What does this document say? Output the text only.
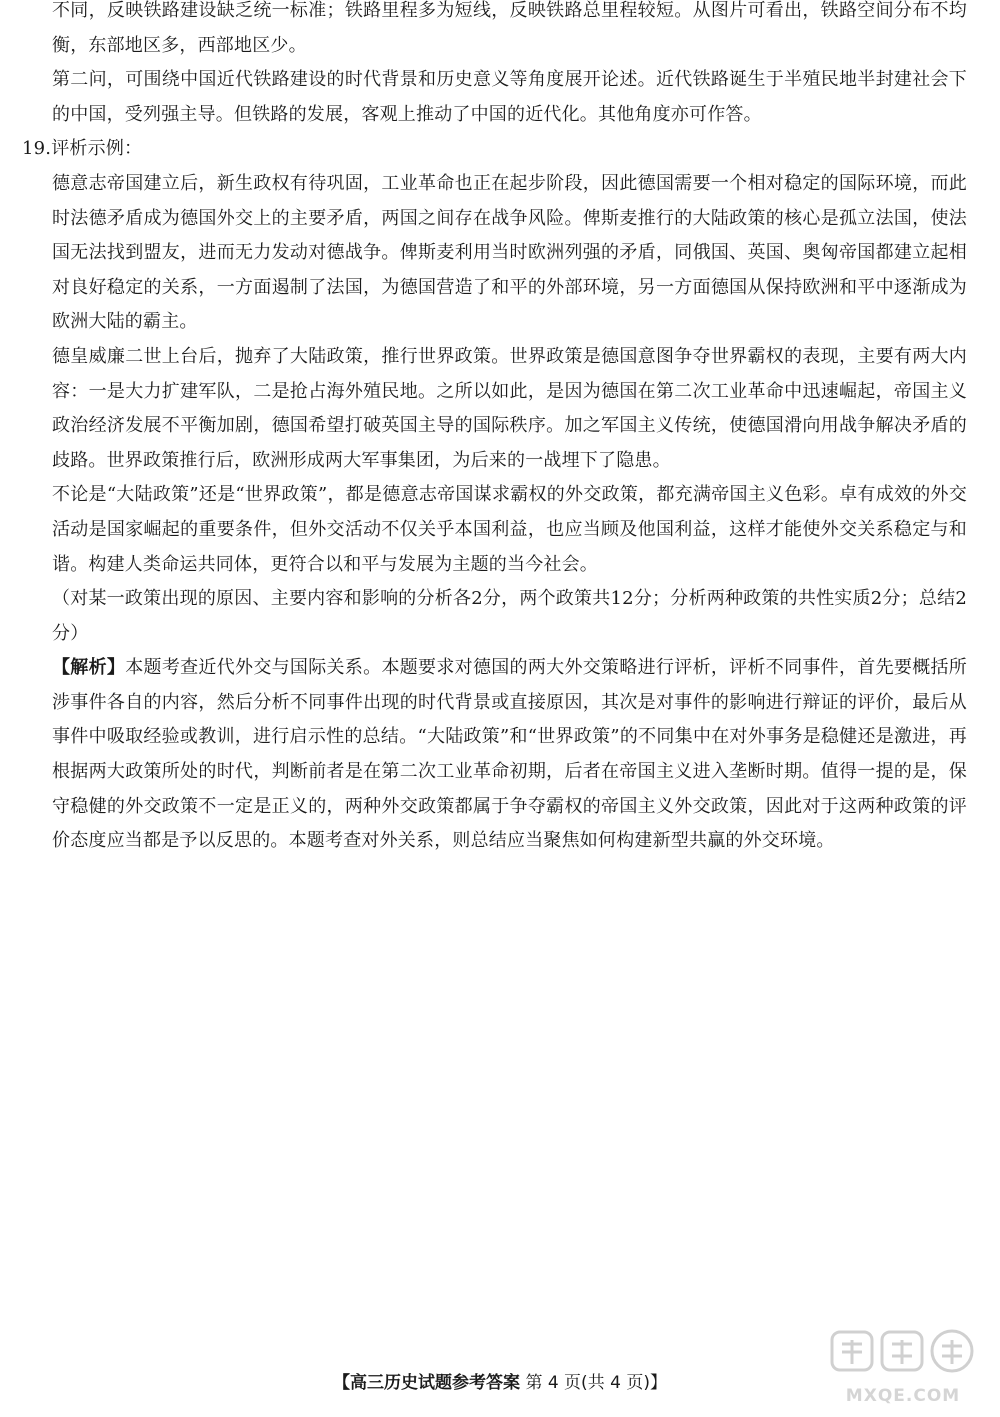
不同，反映铁路建设缺乏统一标准；铁路里程多为短线，反映铁路总里程较短。从图片可看出，铁路空间分布不均衡，东部地区多，西部地区少。

第二问，可围绕中国近代铁路建设的时代背景和历史意义等角度展开论述。近代铁路诞生于半殖民地半封建社会下的中国，受列强主导。但铁路的发展，客观上推动了中国的近代化。其他角度亦可作答。

19.评析示例：

德意志帝国建立后，新生政权有待巩固，工业革命也正在起步阶段，因此德国需要一个相对稳定的国际环境，而此时法德矛盾成为德国外交上的主要矛盾，两国之间存在战争风险。俾斯麦推行的大陆政策的核心是孤立法国，使法国无法找到盟友，进而无力发动对德战争。俾斯麦利用当时欧洲列强的矛盾，同俄国、英国、奥匈帝国都建立起相对良好稳定的关系，一方面遏制了法国，为德国营造了和平的外部环境，另一方面德国从保持欧洲和平中逐渐成为欧洲大陆的霸主。

德皇威廉二世上台后，抛弃了大陆政策，推行世界政策。世界政策是德国意图争夺世界霸权的表现，主要有两大内容：一是大力扩建军队，二是抢占海外殖民地。之所以如此，是因为德国在第二次工业革命中迅速崛起，帝国主义政治经济发展不平衡加剧，德国希望打破英国主导的国际秩序。加之军国主义传统，使德国滑向用战争解决矛盾的歧路。世界政策推行后，欧洲形成两大军事集团，为后来的一战埋下了隐患。

不论是“大陆政策”还是“世界政策”，都是德意志帝国谋求霸权的外交政策，都充满帝国主义色彩。卓有成效的外交活动是国家崛起的重要条件，但外交活动不仅关乎本国利益，也应当顾及他国利益，这样才能使外交关系稳定与和谐。构建人类命运共同体，更符合以和平与发展为主题的当今社会。

（对某一政策出现的原因、主要内容和影响的分析各2分，两个政策共12分；分析两种政策的共性实质2分；总结2分）

【解析】本题考查近代外交与国际关系。本题要求对德国的两大外交策略进行评析，评析不同事件，首先要概括所涉事件各自的内容，然后分析不同事件出现的时代背景或直接原因，其次是对事件的影响进行辩证的评价，最后从事件中吸取经验或教训，进行启示性的总结。“大陆政策”和“世界政策”的不同集中在对外事务是稳健还是激进，再根据两大政策所处的时代，判断前者是在第二次工业革命初期，后者在帝国主义进入垄断时期。值得一提的是，保守稳健的外交政策不一定是正义的，两种外交政策都属于争夺霸权的帝国主义外交政策，因此对于这两种政策的评价态度应当都是予以反思的。本题考查对外关系，则总结应当聚焦如何构建新型共赢的外交环境。

【高三历史试题参考答案 第 4 页(共 4 页)】
MXQE.COM
